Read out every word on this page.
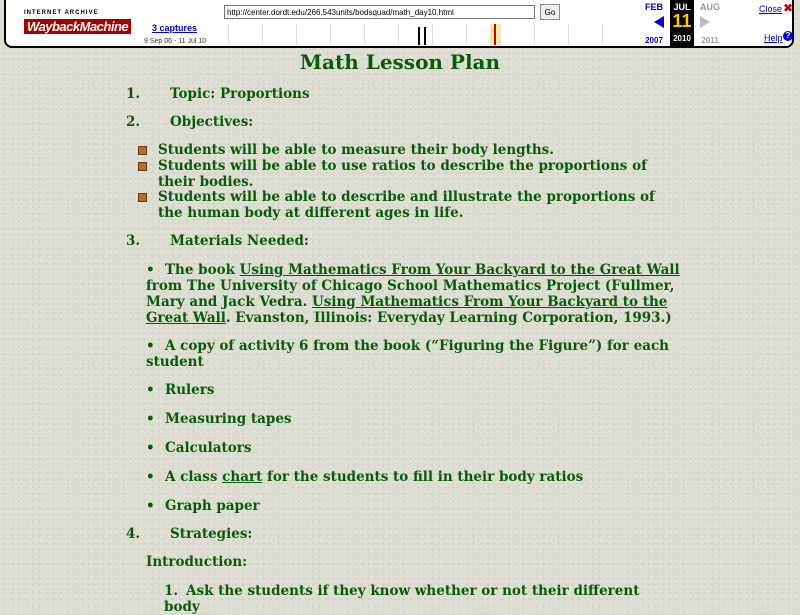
INTERNET ARCHIVE
WaybackMachine	3 captures
9 Sep 06 - 11 Jul 10
http://center.dordt.edu/266.543units/bodsquad/math_day10.html
Go	FEB
2007
JUL
11
2010
AUG
2011
Close ✖
Help ?
Math Lesson Plan
1. Topic: Proportions
2. Objectives:
Students will be able to measure their body lengths.
Students will be able to use ratios to describe the proportions of their bodies.
Students will be able to describe and illustrate the proportions of the human body at different ages in life.
3. Materials Needed:
• The book Using Mathematics From Your Backyard to the Great Wall from The University of Chicago School Mathematics Project (Fullmer, Mary and Jack Vedra. Using Mathematics From Your Backyard to the Great Wall. Evanston, Illinois: Everyday Learning Corporation, 1993.)
• A copy of activity 6 from the book (“Figuring the Figure”) for each student
• Rulers
• Measuring tapes
• Calculators
• A class chart for the students to fill in their body ratios
• Graph paper
4. Strategies:
Introduction:
1. Ask the students if they know whether or not their different body
